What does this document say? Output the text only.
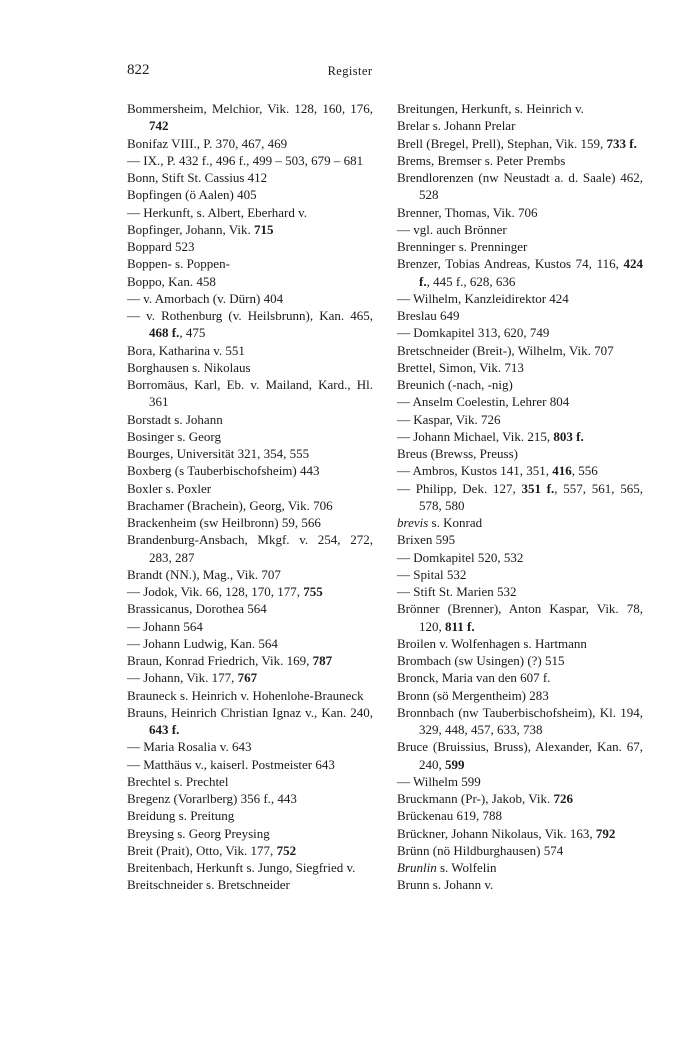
822	Register
Bommersheim, Melchior, Vik. 128, 160, 176, 742
Bonifaz VIII., P. 370, 467, 469
— IX., P. 432 f., 496 f., 499 – 503, 679 – 681
Bonn, Stift St. Cassius 412
Bopfingen (ö Aalen) 405
— Herkunft, s. Albert, Eberhard v.
Bopfinger, Johann, Vik. 715
Boppard 523
Boppen- s. Poppen-
Boppo, Kan. 458
— v. Amorbach (v. Dürn) 404
— v. Rothenburg (v. Heilsbrunn), Kan. 465, 468 f., 475
Bora, Katharina v. 551
Borghausen s. Nikolaus
Borromäus, Karl, Eb. v. Mailand, Kard., Hl. 361
Borstadt s. Johann
Bosinger s. Georg
Bourges, Universität 321, 354, 555
Boxberg (s Tauberbischofsheim) 443
Boxler s. Poxler
Brachamer (Brachein), Georg, Vik. 706
Brackenheim (sw Heilbronn) 59, 566
Brandenburg-Ansbach, Mkgf. v. 254, 272, 283, 287
Brandt (NN.), Mag., Vik. 707
— Jodok, Vik. 66, 128, 170, 177, 755
Brassicanus, Dorothea 564
— Johann 564
— Johann Ludwig, Kan. 564
Braun, Konrad Friedrich, Vik. 169, 787
— Johann, Vik. 177, 767
Brauneck s. Heinrich v. Hohenlohe-Brauneck
Brauns, Heinrich Christian Ignaz v., Kan. 240, 643 f.
— Maria Rosalia v. 643
— Matthäus v., kaiserl. Postmeister 643
Brechtel s. Prechtel
Bregenz (Vorarlberg) 356 f., 443
Breidung s. Preitung
Breysing s. Georg Preysing
Breit (Prait), Otto, Vik. 177, 752
Breitenbach, Herkunft s. Jungo, Siegfried v.
Breitschneider s. Bretschneider
Breitungen, Herkunft, s. Heinrich v.
Brelar s. Johann Prelar
Brell (Bregel, Prell), Stephan, Vik. 159, 733 f.
Brems, Bremser s. Peter Prembs
Brendlorenzen (nw Neustadt a. d. Saale) 462, 528
Brenner, Thomas, Vik. 706
— vgl. auch Brönner
Brenninger s. Prenninger
Brenzer, Tobias Andreas, Kustos 74, 116, 424 f., 445 f., 628, 636
— Wilhelm, Kanzleidirektor 424
Breslau 649
— Domkapitel 313, 620, 749
Bretschneider (Breit-), Wilhelm, Vik. 707
Brettel, Simon, Vik. 713
Breunich (-nach, -nig)
— Anselm Coelestin, Lehrer 804
— Kaspar, Vik. 726
— Johann Michael, Vik. 215, 803 f.
Breus (Brewss, Preuss)
— Ambros, Kustos 141, 351, 416, 556
— Philipp, Dek. 127, 351 f., 557, 561, 565, 578, 580
brevis s. Konrad
Brixen 595
— Domkapitel 520, 532
— Spital 532
— Stift St. Marien 532
Brönner (Brenner), Anton Kaspar, Vik. 78, 120, 811 f.
Broilen v. Wolfenhagen s. Hartmann
Brombach (sw Usingen) (?) 515
Bronck, Maria van den 607 f.
Bronn (sö Mergentheim) 283
Bronnbach (nw Tauberbischofsheim), Kl. 194, 329, 448, 457, 633, 738
Bruce (Bruissius, Bruss), Alexander, Kan. 67, 240, 599
— Wilhelm 599
Bruckmann (Pr-), Jakob, Vik. 726
Brückenau 619, 788
Brückner, Johann Nikolaus, Vik. 163, 792
Brünn (nö Hildburghausen) 574
Brunlin s. Wolfelin
Brunn s. Johann v.
